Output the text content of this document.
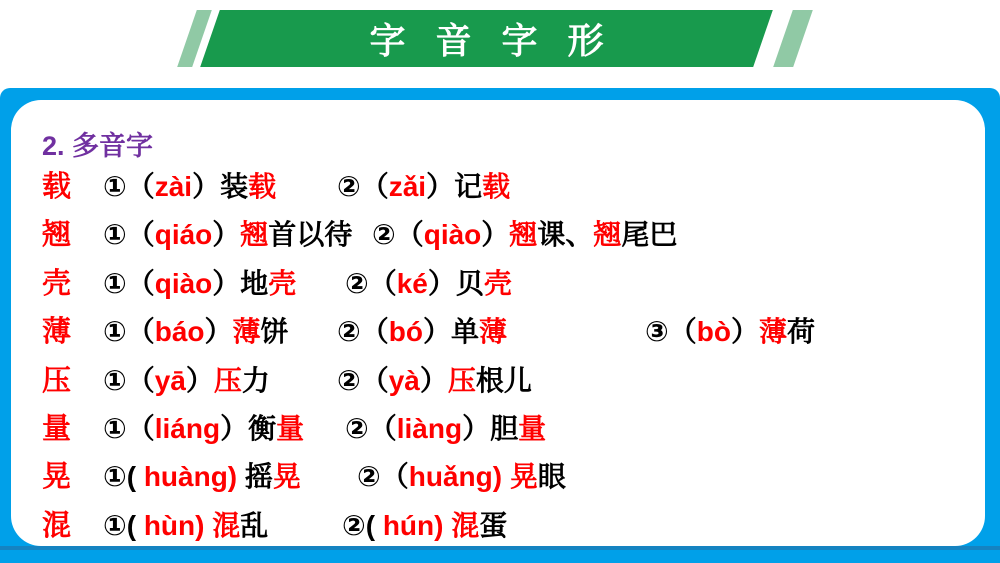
字 音 字 形
2. 多音字
载 ①（zài）装载 ②（zǎi）记载
翘 ①（qiáo）翘首以待 ②（qiào）翘课、翘尾巴
壳 ①（qiào）地壳 ②（ké）贝壳
薄 ①（báo）薄饼 ②（bó）单薄	③（bò）薄荷
压 ①（yā）压力 ②（yà）压根儿
量 ①（liáng）衡量 ②（liàng）胆量
晃 ①( huàng) 摇晃 ②（huǎng) 晃眼
混 ①( hùn) 混乱	②( hún) 混蛋
